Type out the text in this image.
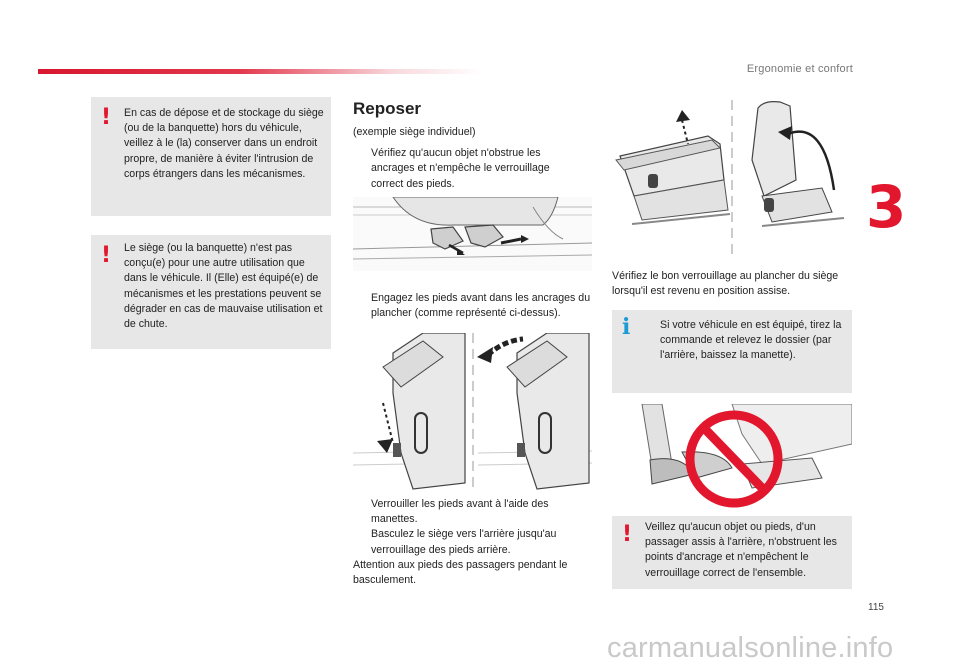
Ergonomie et confort
3
! En cas de dépose et de stockage du siège (ou de la banquette) hors du véhicule, veillez à le (la) conserver dans un endroit propre, de manière à éviter l'intrusion de corps étrangers dans les mécanismes.

! Le siège (ou la banquette) n'est pas conçu(e) pour une autre utilisation que dans le véhicule. Il (Elle) est équipé(e) de mécanismes et les prestations peuvent se dégrader en cas de mauvaise utilisation et de chute.

Reposer

(exemple siège individuel)

Vérifiez qu'aucun objet n'obstrue les ancrages et n'empêche le verrouillage correct des pieds.

Engagez les pieds avant dans les ancrages du plancher (comme représenté ci-dessus).

Verrouiller les pieds avant à l'aide des manettes.

Basculez le siège vers l'arrière jusqu'au verrouillage des pieds arrière.

Attention aux pieds des passagers pendant le basculement.

Vérifiez le bon verrouillage au plancher du siège lorsqu'il est revenu en position assise.

i	Si votre véhicule en est équipé, tirez la commande et relevez le dossier (par l'arrière, baissez la manette).

! Veillez qu'aucun objet ou pieds, d'un passager assis à l'arrière, n'obstruent les points d'ancrage et n'empêchent le verrouillage correct de l'ensemble.

115
carmanualsonline.info
